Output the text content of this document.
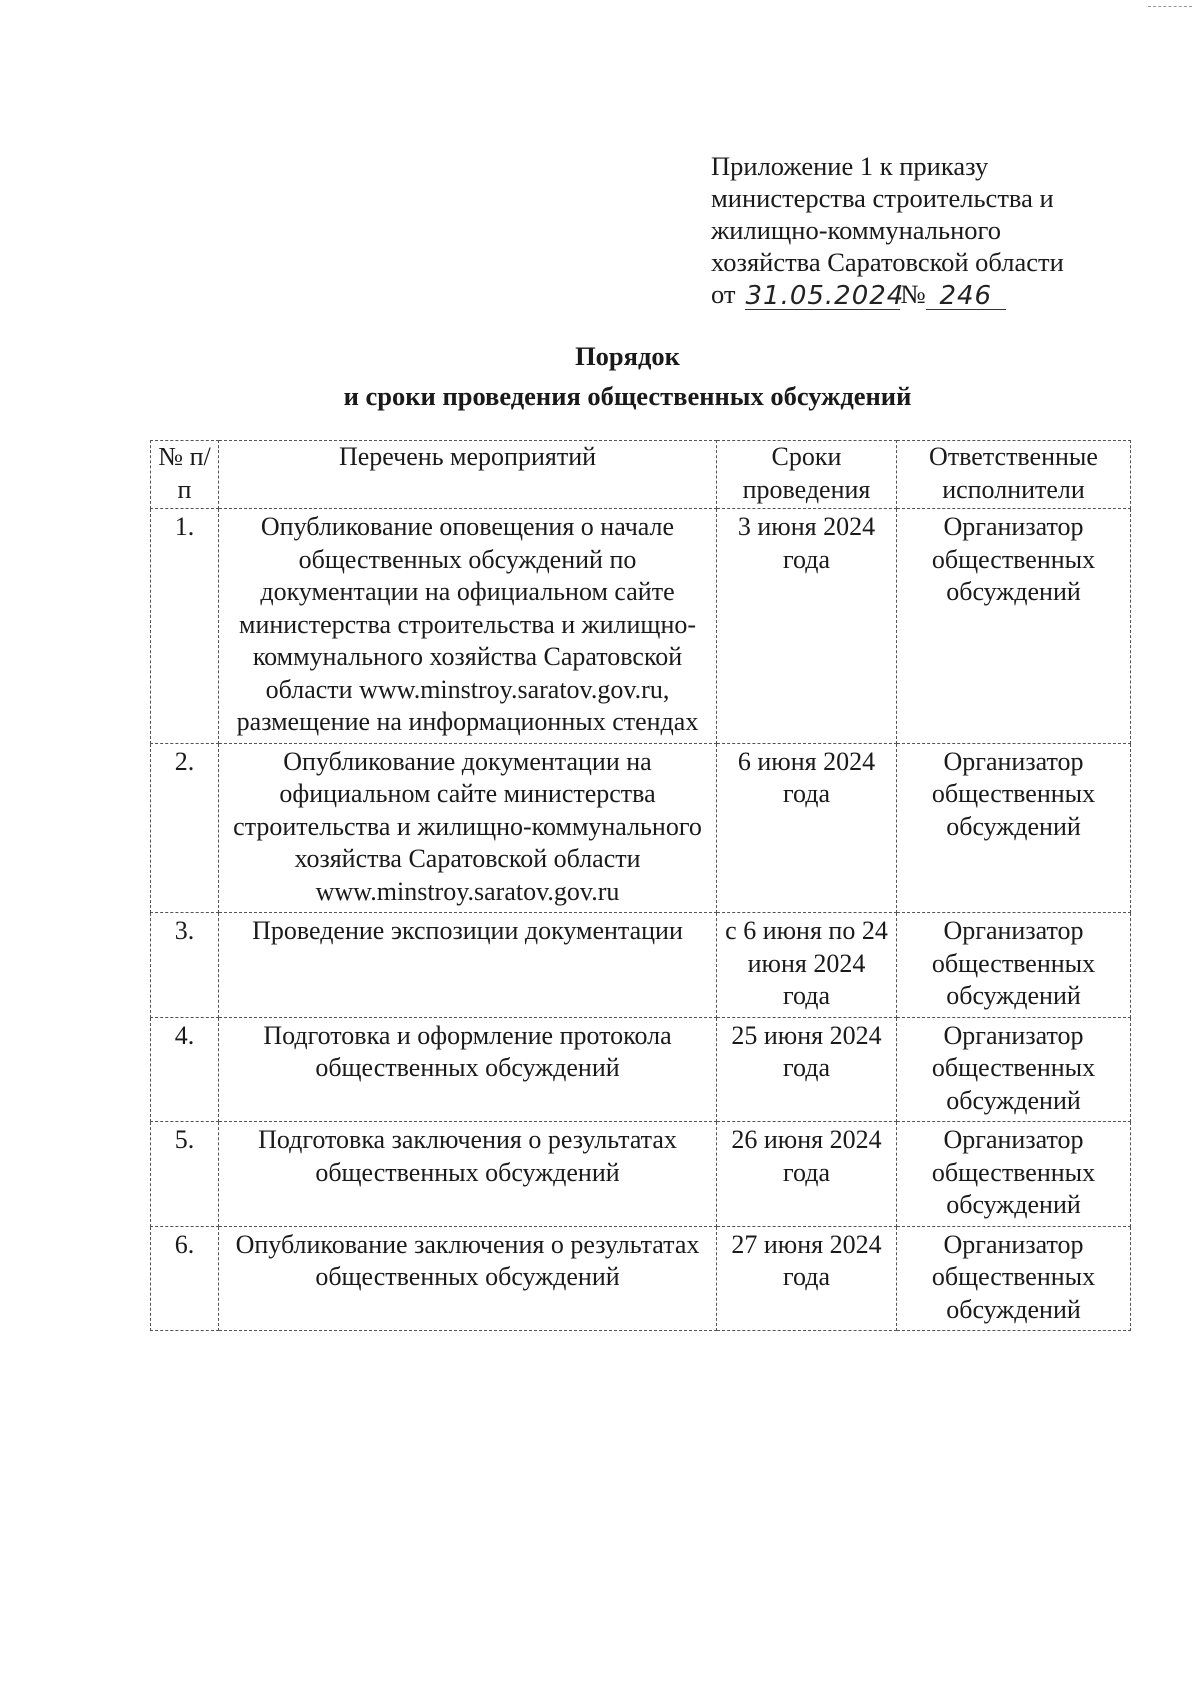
Приложение 1 к приказу
министерства строительства и
жилищно-коммунального
хозяйства Саратовской области
от 31.05.2024
№ 246
Порядок
и сроки проведения общественных обсуждений
№ п/п	Перечень мероприятий	Сроки проведения	Ответственные исполнители
1.	Опубликование оповещения о начале общественных обсуждений по документации на официальном сайте министерства строительства и жилищно-коммунального хозяйства Саратовской области www.minstroy.saratov.gov.ru, размещение на информационных стендах	3 июня 2024 года	Организатор общественных обсуждений
2.	Опубликование документации на официальном сайте министерства строительства и жилищно-коммунального хозяйства Саратовской области www.minstroy.saratov.gov.ru	6 июня 2024 года	Организатор общественных обсуждений
3.	Проведение экспозиции документации	с 6 июня по 24 июня 2024 года	Организатор общественных обсуждений
4.	Подготовка и оформление протокола общественных обсуждений	25 июня 2024 года	Организатор общественных обсуждений
5.	Подготовка заключения о результатах общественных обсуждений	26 июня 2024 года	Организатор общественных обсуждений
6.	Опубликование заключения о результатах общественных обсуждений	27 июня 2024 года	Организатор общественных обсуждений
